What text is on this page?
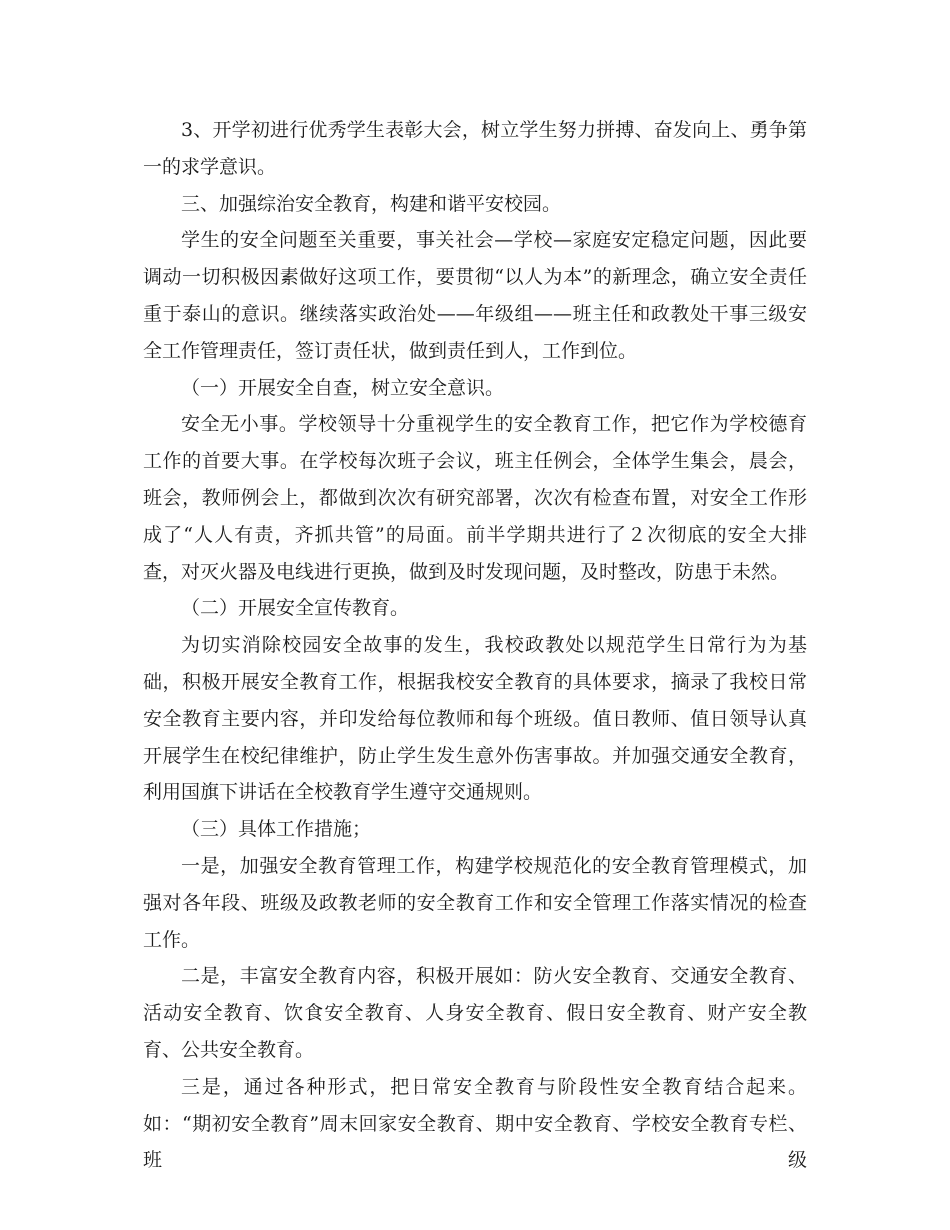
3、开学初进行优秀学生表彰大会，树立学生努力拼搏、奋发向上、勇争第一的求学意识。

三、加强综治安全教育，构建和谐平安校园。

学生的安全问题至关重要，事关社会—学校—家庭安定稳定问题，因此要调动一切积极因素做好这项工作，要贯彻“以人为本”的新理念，确立安全责任重于泰山的意识。继续落实政治处——年级组——班主任和政教处干事三级安全工作管理责任，签订责任状，做到责任到人，工作到位。

（一）开展安全自查，树立安全意识。

安全无小事。学校领导十分重视学生的安全教育工作，把它作为学校德育工作的首要大事。在学校每次班子会议，班主任例会，全体学生集会，晨会，班会，教师例会上，都做到次次有研究部署，次次有检查布置，对安全工作形成了“人人有责，齐抓共管”的局面。前半学期共进行了２次彻底的安全大排查，对灭火器及电线进行更换，做到及时发现问题，及时整改，防患于未然。

（二）开展安全宣传教育。

为切实消除校园安全故事的发生，我校政教处以规范学生日常行为为基础，积极开展安全教育工作，根据我校安全教育的具体要求，摘录了我校日常安全教育主要内容，并印发给每位教师和每个班级。值日教师、值日领导认真开展学生在校纪律维护，防止学生发生意外伤害事故。并加强交通安全教育，利用国旗下讲话在全校教育学生遵守交通规则。

（三）具体工作措施；

一是，加强安全教育管理工作，构建学校规范化的安全教育管理模式，加强对各年段、班级及政教老师的安全教育工作和安全管理工作落实情况的检查工作。

二是，丰富安全教育内容，积极开展如：防火安全教育、交通安全教育、活动安全教育、饮食安全教育、人身安全教育、假日安全教育、财产安全教育、公共安全教育。

三是，通过各种形式，把日常安全教育与阶段性安全教育结合起来。如：“期初安全教育”周末回家安全教育、期中安全教育、学校安全教育专栏、班级
